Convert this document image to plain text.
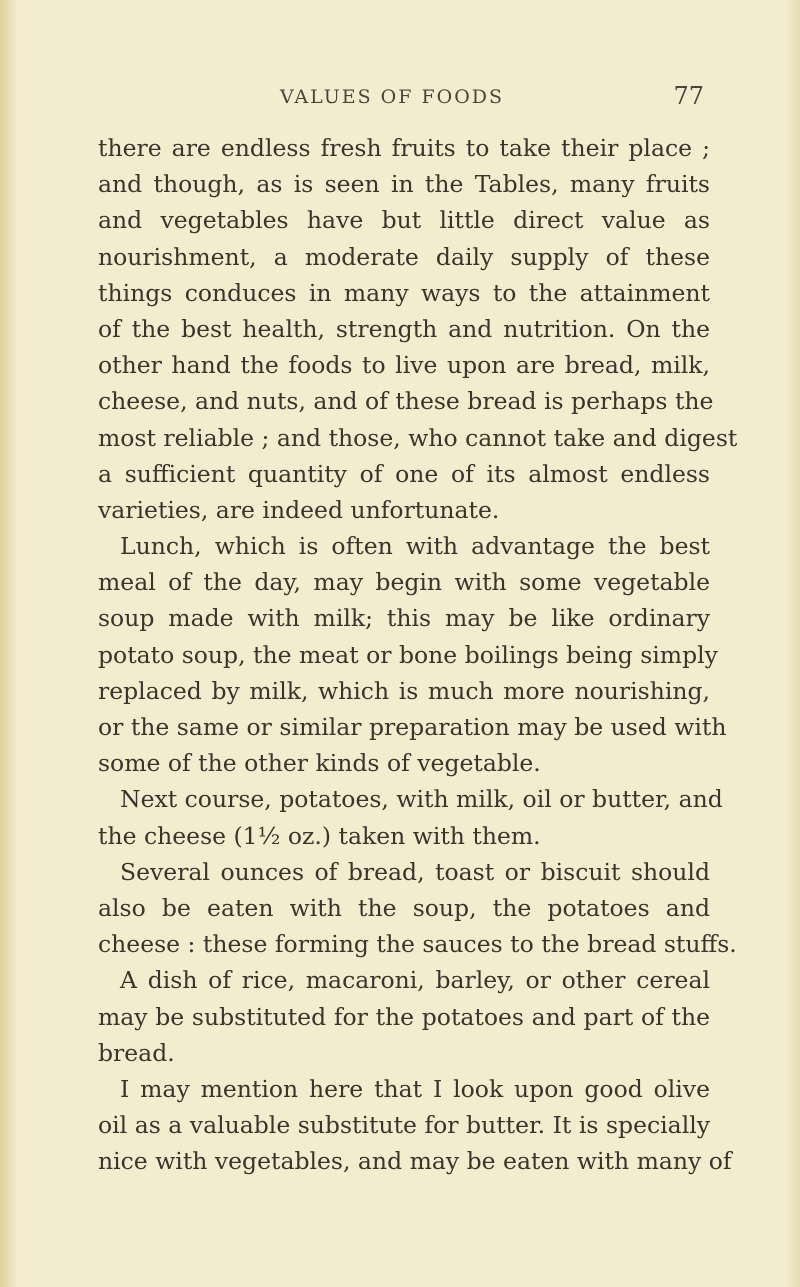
VALUES OF FOODS	77
there are endless fresh fruits to take their place ;
and though, as is seen in the Tables, many fruits
and vegetables have but little direct value as
nourishment, a moderate daily supply of these
things conduces in many ways to the attainment
of the best health, strength and nutrition. On the
other hand the foods to live upon are bread, milk,
cheese, and nuts, and of these bread is perhaps the
most reliable ; and those, who cannot take and digest
a sufficient quantity of one of its almost endless
varieties, are indeed unfortunate.
Lunch, which is often with advantage the best
meal of the day, may begin with some vegetable
soup made with milk; this may be like ordinary
potato soup, the meat or bone boilings being simply
replaced by milk, which is much more nourishing,
or the same or similar preparation may be used with
some of the other kinds of vegetable.
Next course, potatoes, with milk, oil or butter, and
the cheese (1½ oz.) taken with them.
Several ounces of bread, toast or biscuit should
also be eaten with the soup, the potatoes and
cheese : these forming the sauces to the bread stuffs.
A dish of rice, macaroni, barley, or other cereal
may be substituted for the potatoes and part of the
bread.
I may mention here that I look upon good olive
oil as a valuable substitute for butter. It is specially
nice with vegetables, and may be eaten with many of
